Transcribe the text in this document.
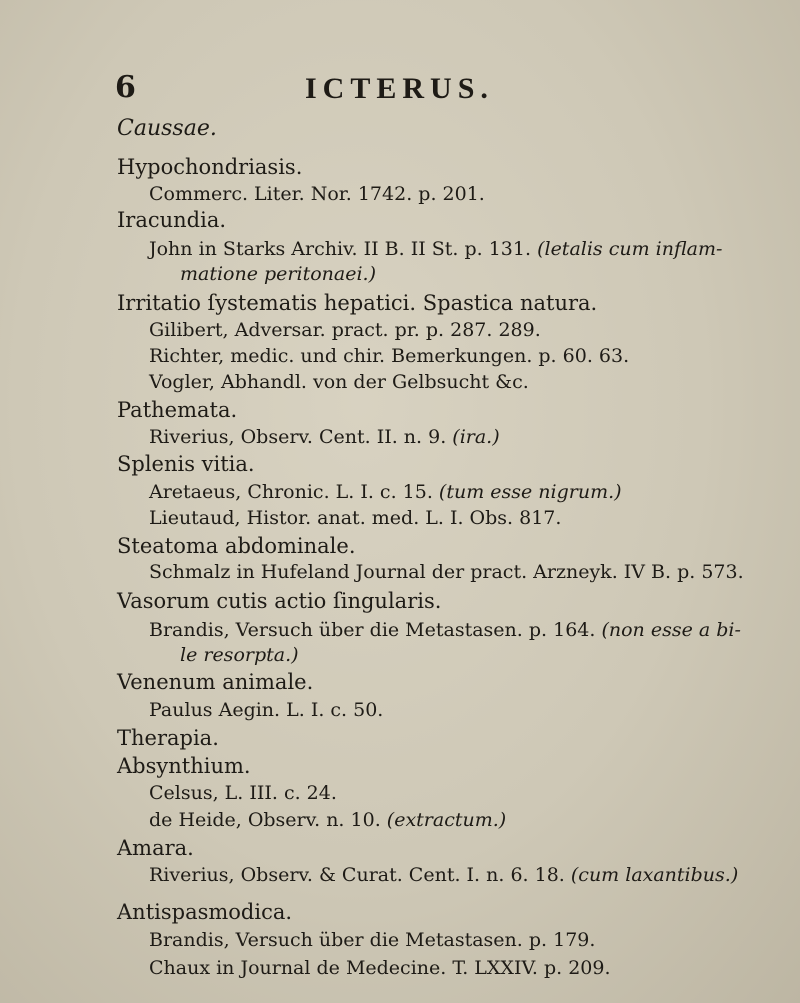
6	ICTERUS.
Caussae.
Hypochondriasis.
Commerc. Liter. Nor. 1742. p. 201.
Iracundia.
John in Starks Archiv. II B. II St. p. 131. (letalis cum inflam-
matione peritonaei.)
Irritatio ſystematis hepatici. Spastica natura.
Gilibert, Adversar. pract. pr. p. 287. 289.
Richter, medic. und chir. Bemerkungen. p. 60. 63.
Vogler, Abhandl. von der Gelbsucht &c.
Pathemata.
Riverius, Observ. Cent. II. n. 9. (ira.)
Splenis vitia.
Aretaeus, Chronic. L. I. c. 15. (tum esse nigrum.)
Lieutaud, Histor. anat. med. L. I. Obs. 817.
Steatoma abdominale.
Schmalz in Hufeland Journal der pract. Arzneyk. IV B. p. 573.
Vasorum cutis actio ſingularis.
Brandis, Versuch über die Metastasen. p. 164. (non esse a bi-
le resorpta.)
Venenum animale.
Paulus Aegin. L. I. c. 50.
Therapia.
Absynthium.
Celsus, L. III. c. 24.
de Heide, Observ. n. 10. (extractum.)
Amara.
Riverius, Observ. & Curat. Cent. I. n. 6. 18. (cum laxantibus.)
Antispasmodica.
Brandis, Versuch über die Metastasen. p. 179.
Chaux in Journal de Medecine. T. LXXIV. p. 209.
